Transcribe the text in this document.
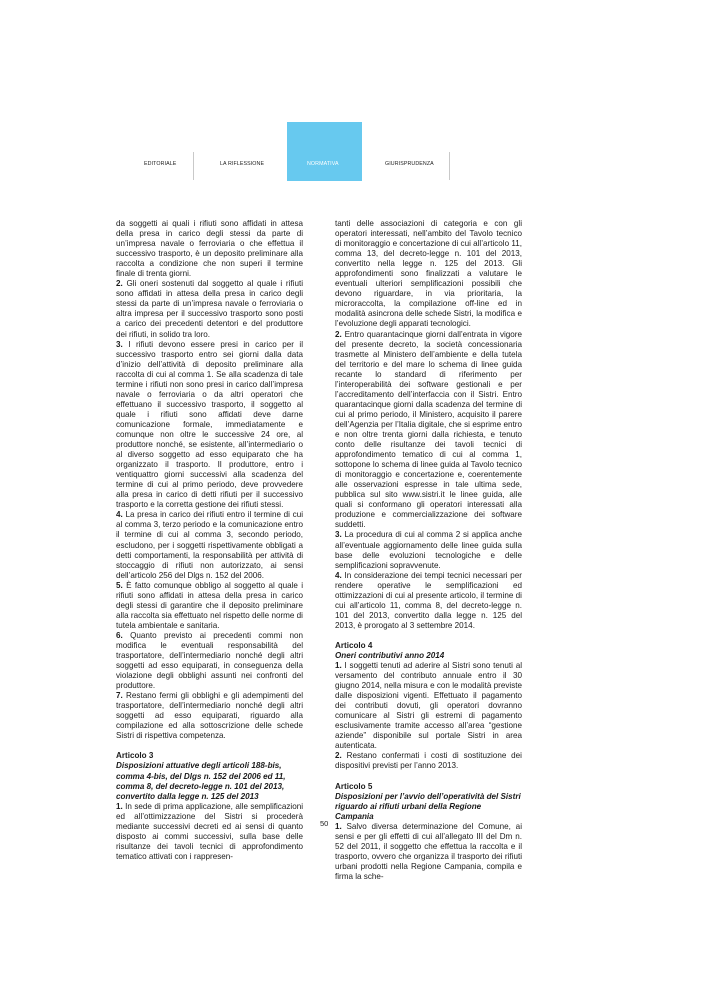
EDITORIALE	LA RIFLESSIONE	NORMATIVA	GIURISPRUDENZA

da soggetti ai quali i rifiuti sono affidati in attesa della presa in carico degli stessi da parte di un’impresa navale o ferroviaria o che effettua il successivo trasporto, è un deposito preliminare alla raccolta a condizione che non superi il termine finale di trenta giorni.

2. Gli oneri sostenuti dal soggetto al quale i rifiuti sono affidati in attesa della presa in carico degli stessi da parte di un’impresa navale o ferroviaria o altra impresa per il successivo trasporto sono posti a carico dei precedenti detentori e del produttore dei rifiuti, in solido tra loro.

3. I rifiuti devono essere presi in carico per il successivo trasporto entro sei giorni dalla data d’inizio dell’attività di deposito preliminare alla raccolta di cui al comma 1. Se alla scadenza di tale termine i rifiuti non sono presi in carico dall’impresa navale o ferroviaria o da altri operatori che effettuano il successivo trasporto, il soggetto al quale i rifiuti sono affidati deve darne comunicazione formale, immediatamente e comunque non oltre le successive 24 ore, al produttore nonché, se esistente, all’intermediario o al diverso soggetto ad esso equiparato che ha organizzato il trasporto. Il produttore, entro i ventiquattro giorni successivi alla scadenza del termine di cui al primo periodo, deve provvedere alla presa in carico di detti rifiuti per il successivo trasporto e la corretta gestione dei rifiuti stessi.

4. La presa in carico dei rifiuti entro il termine di cui al comma 3, terzo periodo e la comunicazione entro il termine di cui al comma 3, secondo periodo, escludono, per i soggetti rispettivamente obbligati a detti comportamenti, la responsabilità per attività di stoccaggio di rifiuti non autorizzato, ai sensi dell’articolo 256 del Dlgs n. 152 del 2006.

5. È fatto comunque obbligo al soggetto al quale i rifiuti sono affidati in attesa della presa in carico degli stessi di garantire che il deposito preliminare alla raccolta sia effettuato nel rispetto delle norme di tutela ambientale e sanitaria.

6. Quanto previsto ai precedenti commi non modifica le eventuali responsabilità del trasportatore, dell’intermediario nonché degli altri soggetti ad esso equiparati, in conseguenza della violazione degli obblighi assunti nei confronti del produttore.

7. Restano fermi gli obblighi e gli adempimenti del trasportatore, dell’intermediario nonché degli altri soggetti ad esso equiparati, riguardo alla compilazione ed alla sottoscrizione delle schede Sistri di rispettiva competenza.

Articolo 3

Disposizioni attuative degli articoli 188-bis, comma 4-bis, del Dlgs n. 152 del 2006 ed 11, comma 8, del decreto-legge n. 101 del 2013, convertito dalla legge n. 125 del 2013

1. In sede di prima applicazione, alle semplificazioni ed all’ottimizzazione del Sistri si procederà mediante successivi decreti ed ai sensi di quanto disposto ai commi successivi, sulla base delle risultanze dei tavoli tecnici di approfondimento tematico attivati con i rappresen-

tanti delle associazioni di categoria e con gli operatori interessati, nell’ambito del Tavolo tecnico di monitoraggio e concertazione di cui all’articolo 11, comma 13, del decreto-legge n. 101 del 2013, convertito nella legge n. 125 del 2013. Gli approfondimenti sono finalizzati a valutare le eventuali ulteriori semplificazioni possibili che devono riguardare, in via prioritaria, la microraccolta, la compilazione off-line ed in modalità asincrona delle schede Sistri, la modifica e l’evoluzione degli apparati tecnologici.

2. Entro quarantacinque giorni dall’entrata in vigore del presente decreto, la società concessionaria trasmette al Ministero dell’ambiente e della tutela del territorio e del mare lo schema di linee guida recante lo standard di riferimento per l’interoperabilità dei software gestionali e per l’accreditamento dell’interfaccia con il Sistri. Entro quarantacinque giorni dalla scadenza del termine di cui al primo periodo, il Ministero, acquisito il parere dell’Agenzia per l’Italia digitale, che si esprime entro e non oltre trenta giorni dalla richiesta, e tenuto conto delle risultanze dei tavoli tecnici di approfondimento tematico di cui al comma 1, sottopone lo schema di linee guida al Tavolo tecnico di monitoraggio e concertazione e, coerentemente alle osservazioni espresse in tale ultima sede, pubblica sul sito www.sistri.it le linee guida, alle quali si conformano gli operatori interessati alla produzione e commercializzazione dei software suddetti.

3. La procedura di cui al comma 2 si applica anche all’eventuale aggiornamento delle linee guida sulla base delle evoluzioni tecnologiche e delle semplificazioni sopravvenute.

4. In considerazione dei tempi tecnici necessari per rendere operative le semplificazioni ed ottimizzazioni di cui al presente articolo, il termine di cui all’articolo 11, comma 8, del decreto-legge n. 101 del 2013, convertito dalla legge n. 125 del 2013, è prorogato al 3 settembre 2014.

Articolo 4

Oneri contributivi anno 2014

1. I soggetti tenuti ad aderire al Sistri sono tenuti al versamento del contributo annuale entro il 30 giugno 2014, nella misura e con le modalità previste dalle disposizioni vigenti. Effettuato il pagamento dei contributi dovuti, gli operatori dovranno comunicare al Sistri gli estremi di pagamento esclusivamente tramite accesso all’area “gestione aziende” disponibile sul portale Sistri in area autenticata.

2. Restano confermati i costi di sostituzione dei dispositivi previsti per l’anno 2013.

Articolo 5

Disposizioni per l’avvio dell’operatività del Sistri riguardo ai rifiuti urbani della Regione Campania

1. Salvo diversa determinazione del Comune, ai sensi e per gli effetti di cui all’allegato III del Dm n. 52 del 2011, il soggetto che effettua la raccolta e il trasporto, ovvero che organizza il trasporto dei rifiuti urbani prodotti nella Regione Campania, compila e firma la sche-

50
